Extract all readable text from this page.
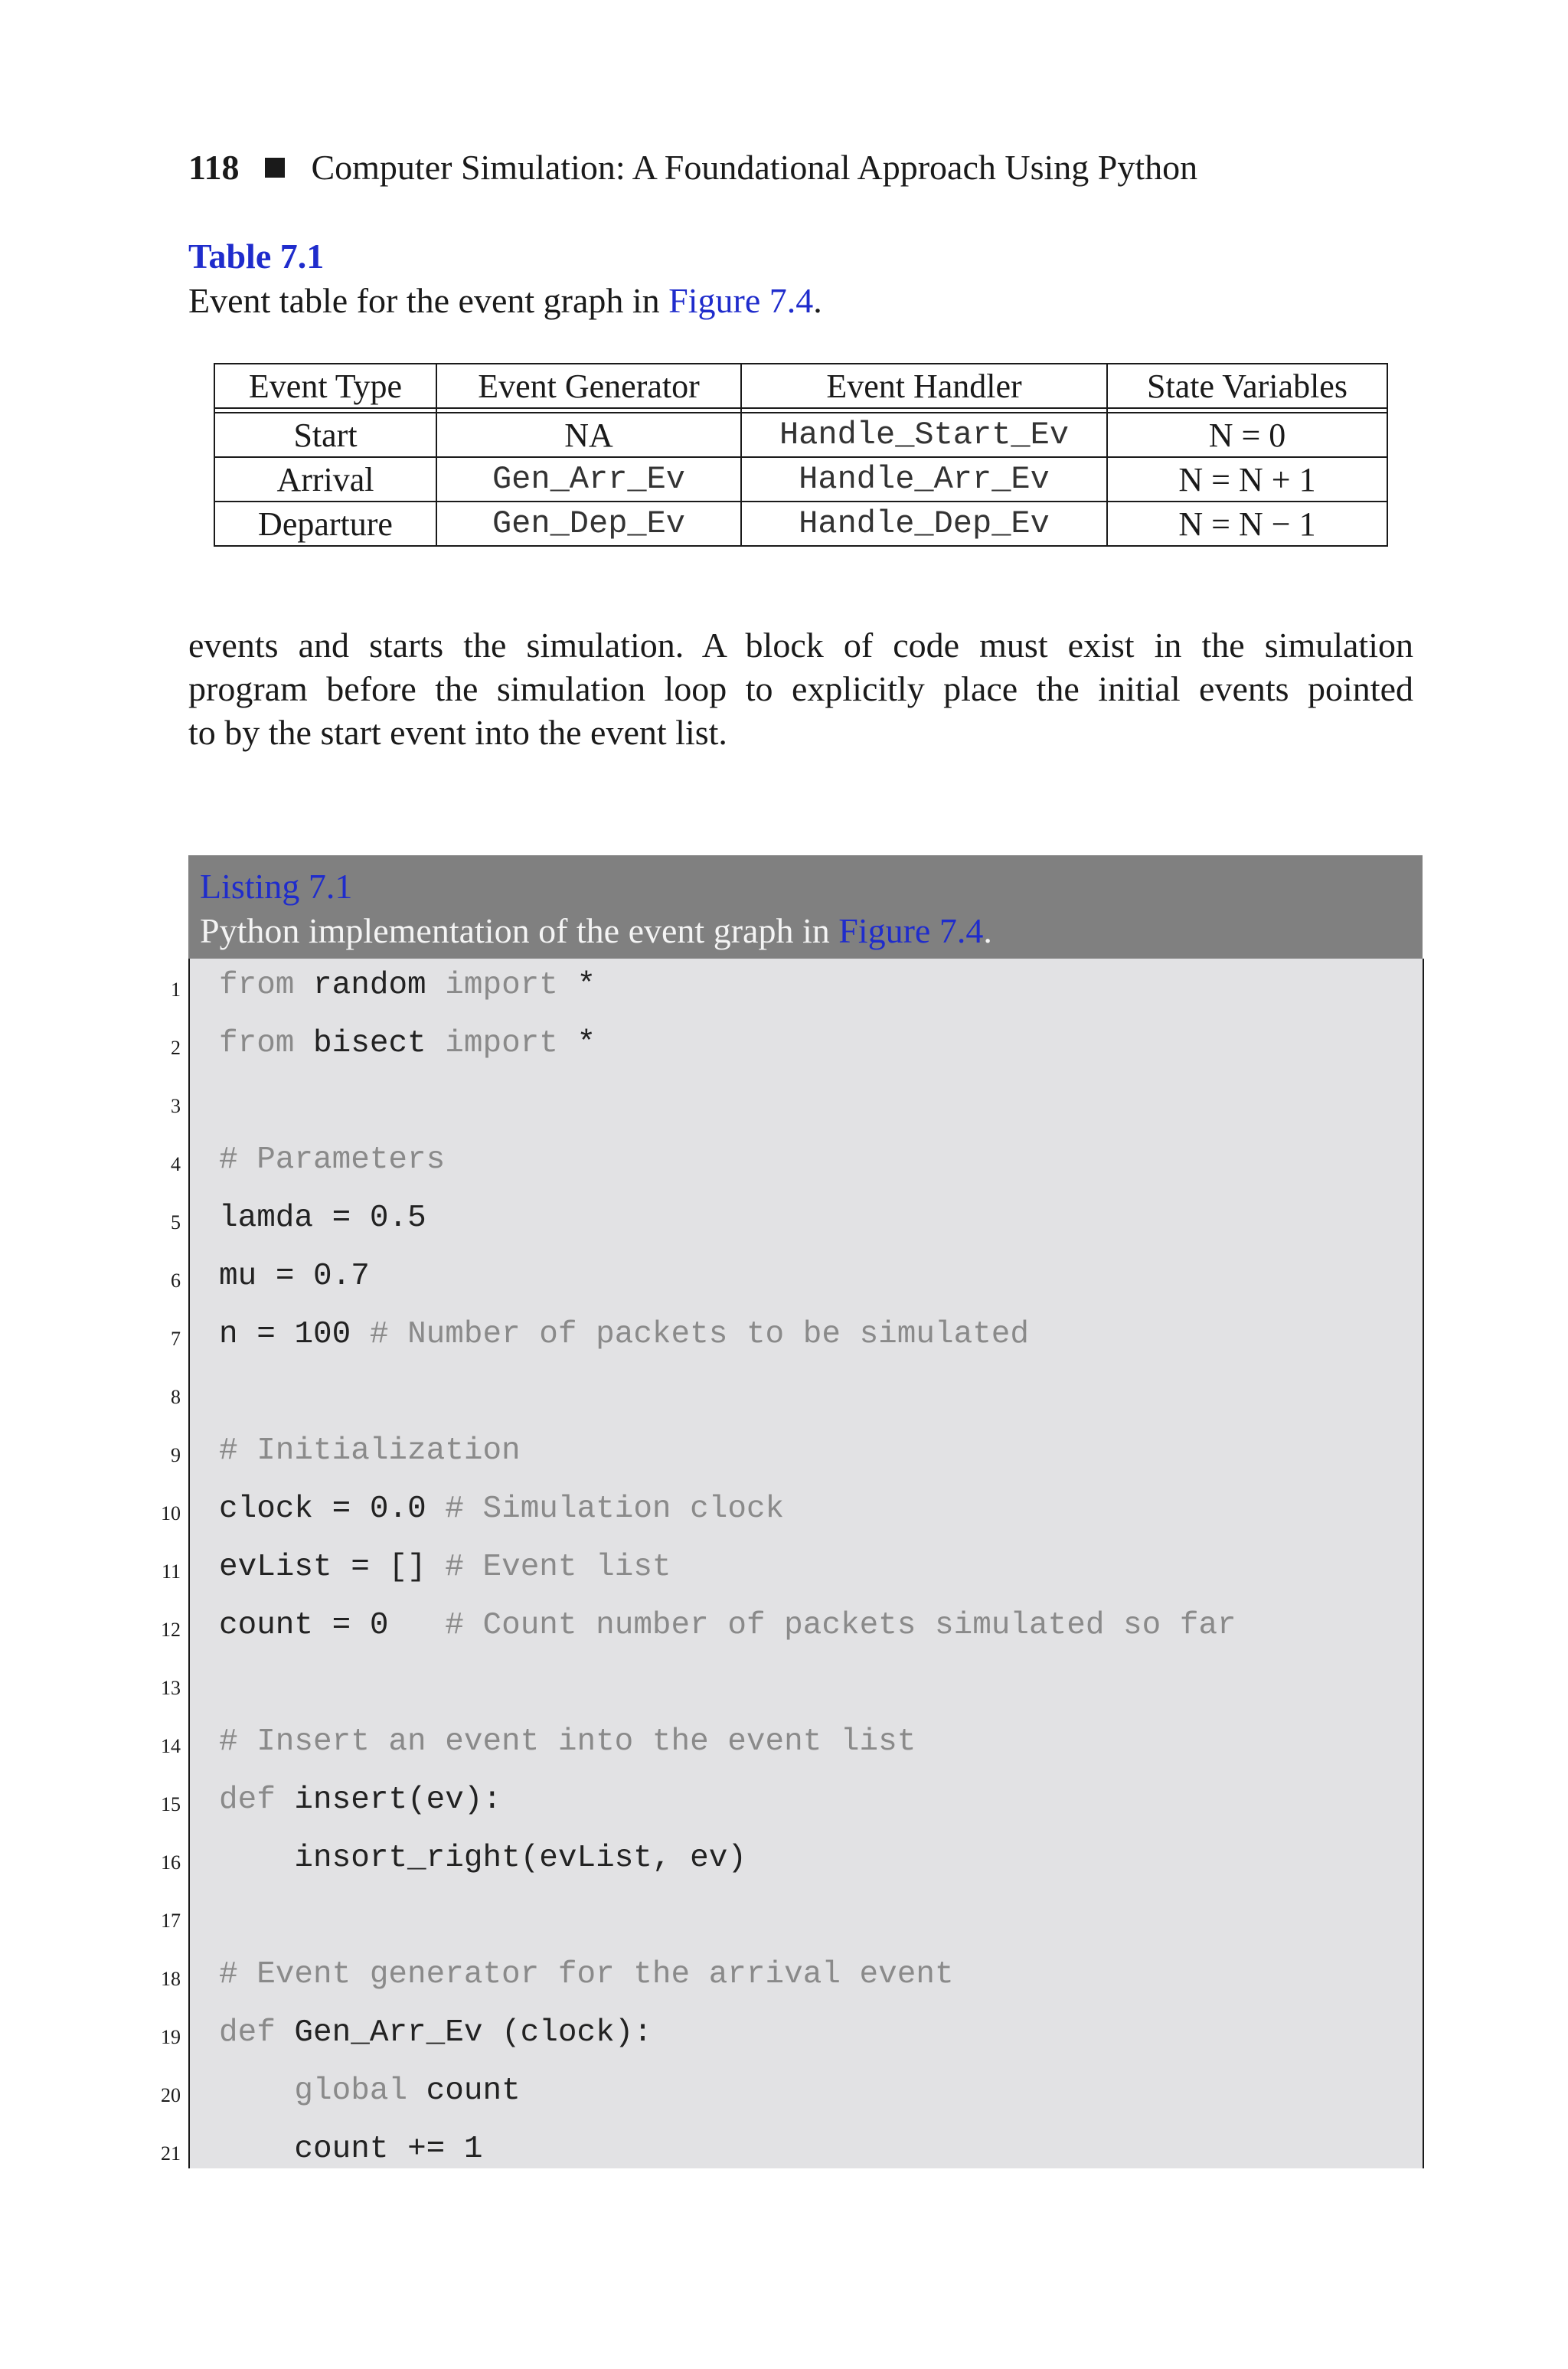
118 Computer Simulation: A Foundational Approach Using Python
Table 7.1
Event table for the event graph in Figure 7.4.
Event Type	Event Generator	Event Handler	State Variables

Start	NA	Handle_Start_Ev	N = 0
Arrival	Gen_Arr_Ev	Handle_Arr_Ev	N = N + 1
Departure	Gen_Dep_Ev	Handle_Dep_Ev	N = N − 1
events and starts the simulation. A block of code must exist in the simulation
program before the simulation loop to explicitly place the initial events pointed
to by the start event into the event list.
Listing 7.1
Python implementation of the event graph in Figure 7.4.
1 from random import *
2 from bisect import *
3
4 # Parameters
5 lamda = 0.5
6 mu = 0.7
7 n = 100 # Number of packets to be simulated
8
9 # Initialization
10 clock = 0.0 # Simulation clock
11 evList = [] # Event list
12 count = 0 # Count number of packets simulated so far
13
14 # Insert an event into the event list
15 def insert(ev):
16	insort_right(evList, ev)
17
18 # Event generator for the arrival event
19 def Gen_Arr_Ev (clock):
20	global count
21	count += 1
